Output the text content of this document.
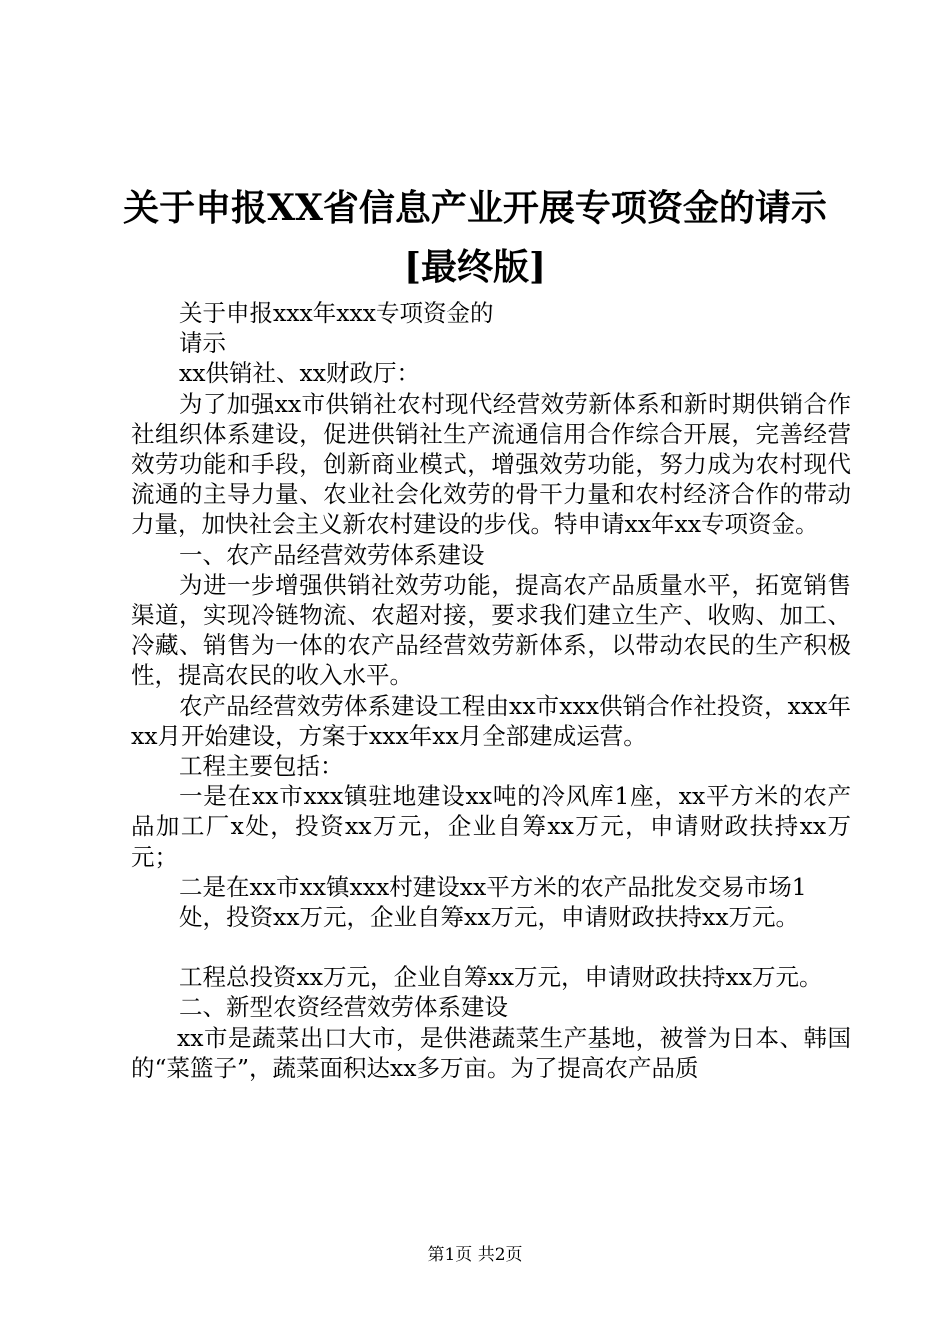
关于申报XX省信息产业开展专项资金的请示
[最终版]

关于申报xxx年xxx专项资金的

请示

xx供销社、xx财政厅：

为了加强xx市供销社农村现代经营效劳新体系和新时期供销合作社组织体系建设，促进供销社生产流通信用合作综合开展，完善经营效劳功能和手段，创新商业模式，增强效劳功能，努力成为农村现代流通的主导力量、农业社会化效劳的骨干力量和农村经济合作的带动力量，加快社会主义新农村建设的步伐。特申请xx年xx专项资金。

一、农产品经营效劳体系建设

为进一步增强供销社效劳功能，提高农产品质量水平，拓宽销售渠道，实现冷链物流、农超对接，要求我们建立生产、收购、加工、冷藏、销售为一体的农产品经营效劳新体系，以带动农民的生产积极性，提高农民的收入水平。

农产品经营效劳体系建设工程由xx市xxx供销合作社投资，xxx年xx月开始建设，方案于xxx年xx月全部建成运营。

工程主要包括：

一是在xx市xxx镇驻地建设xx吨的冷风库1座，xx平方米的农产品加工厂x处，投资xx万元，企业自筹xx万元，申请财政扶持xx万元；

二是在xx市xx镇xxx村建设xx平方米的农产品批发交易市场1

处，投资xx万元，企业自筹xx万元，申请财政扶持xx万元。

工程总投资xx万元，企业自筹xx万元，申请财政扶持xx万元。

二、新型农资经营效劳体系建设

xx市是蔬菜出口大市，是供港蔬菜生产基地，被誉为日本、韩国的“菜篮子”，蔬菜面积达xx多万亩。为了提高农产品质

第1页 共2页
